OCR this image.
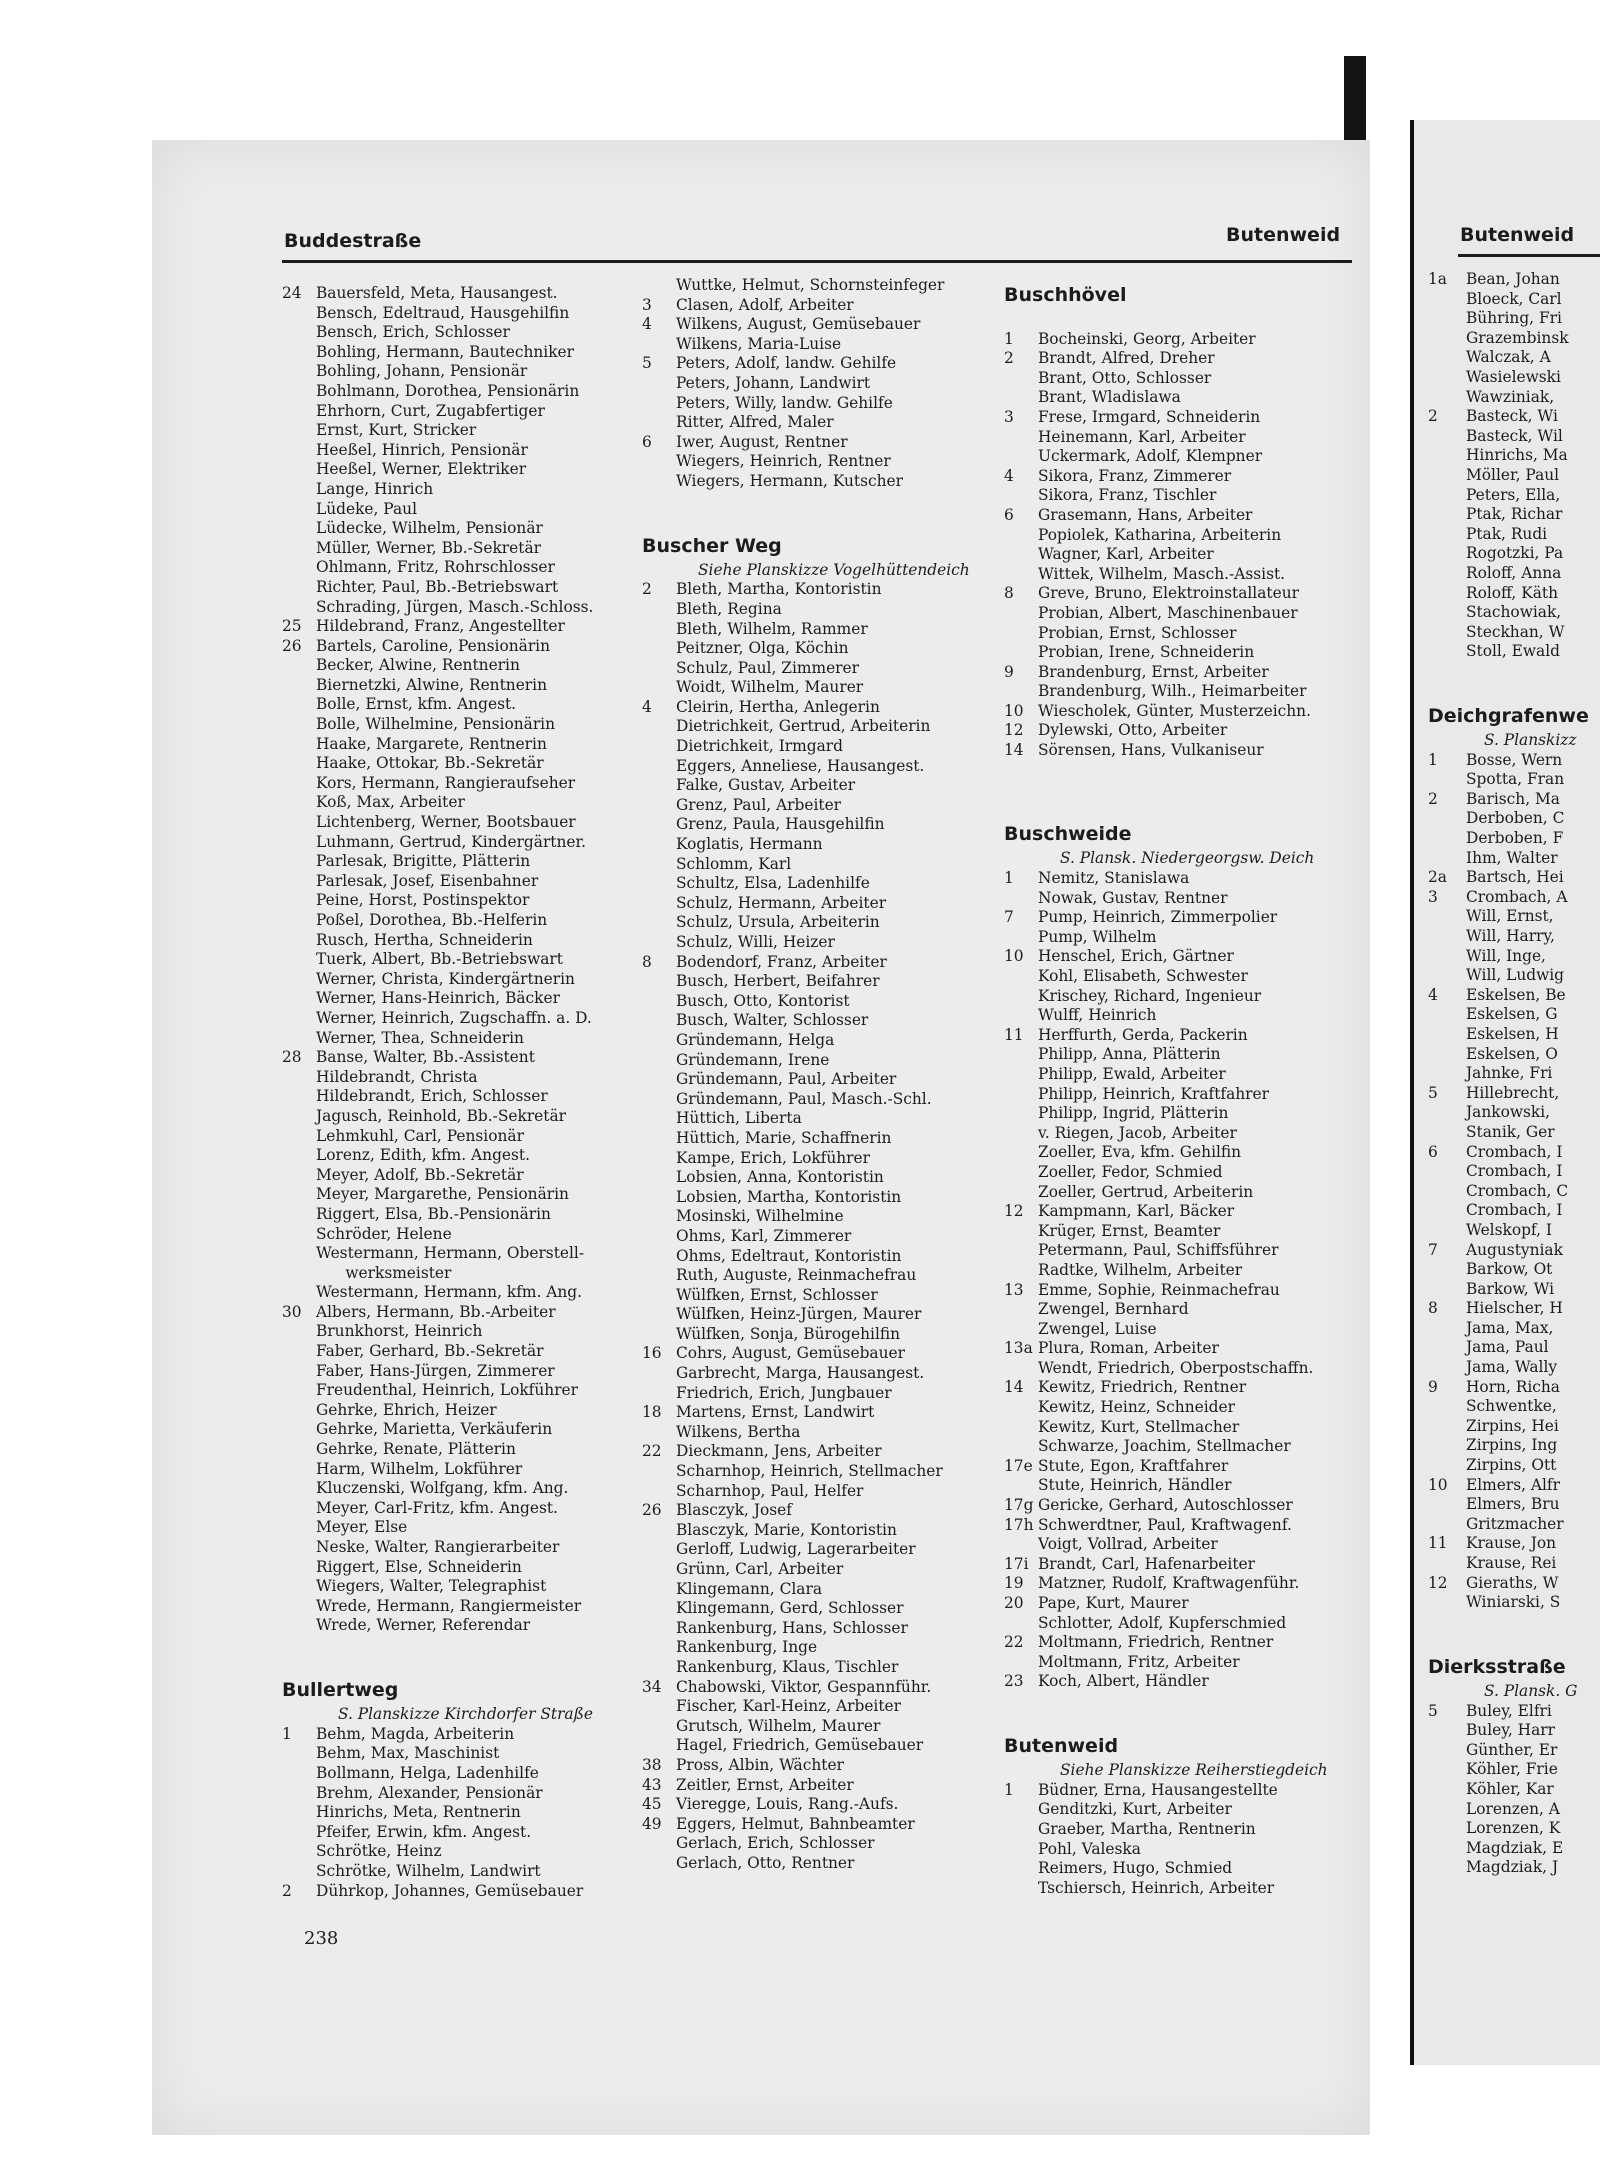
Buddestraße	Butenweid
24 Bauersfeld, Meta, Hausangest.
Bensch, Edeltraud, Hausgehilfin
Bensch, Erich, Schlosser
Bohling, Hermann, Bautechniker
Bohling, Johann, Pensionär
Bohlmann, Dorothea, Pensionärin
Ehrhorn, Curt, Zugabfertiger
Ernst, Kurt, Stricker
Heeßel, Hinrich, Pensionär
Heeßel, Werner, Elektriker
Lange, Hinrich
Lüdeke, Paul
Lüdecke, Wilhelm, Pensionär
Müller, Werner, Bb.-Sekretär
Ohlmann, Fritz, Rohrschlosser
Richter, Paul, Bb.-Betriebswart
Schrading, Jürgen, Masch.-Schloss.
25 Hildebrand, Franz, Angestellter
26 Bartels, Caroline, Pensionärin
Becker, Alwine, Rentnerin
Biernetzki, Alwine, Rentnerin
Bolle, Ernst, kfm. Angest.
Bolle, Wilhelmine, Pensionärin
Haake, Margarete, Rentnerin
Haake, Ottokar, Bb.-Sekretär
Kors, Hermann, Rangieraufseher
Koß, Max, Arbeiter
Lichtenberg, Werner, Bootsbauer
Luhmann, Gertrud, Kindergärtner.
Parlesak, Brigitte, Plätterin
Parlesak, Josef, Eisenbahner
Peine, Horst, Postinspektor
Poßel, Dorothea, Bb.-Helferin
Rusch, Hertha, Schneiderin
Tuerk, Albert, Bb.-Betriebswart
Werner, Christa, Kindergärtnerin
Werner, Hans-Heinrich, Bäcker
Werner, Heinrich, Zugschaffn. a. D.
Werner, Thea, Schneiderin
28 Banse, Walter, Bb.-Assistent
Hildebrandt, Christa
Hildebrandt, Erich, Schlosser
Jagusch, Reinhold, Bb.-Sekretär
Lehmkuhl, Carl, Pensionär
Lorenz, Edith, kfm. Angest.
Meyer, Adolf, Bb.-Sekretär
Meyer, Margarethe, Pensionärin
Riggert, Elsa, Bb.-Pensionärin
Schröder, Helene
Westermann, Hermann, Oberstell-
werksmeister
Westermann, Hermann, kfm. Ang.
30 Albers, Hermann, Bb.-Arbeiter
Brunkhorst, Heinrich
Faber, Gerhard, Bb.-Sekretär
Faber, Hans-Jürgen, Zimmerer
Freudenthal, Heinrich, Lokführer
Gehrke, Ehrich, Heizer
Gehrke, Marietta, Verkäuferin
Gehrke, Renate, Plätterin
Harm, Wilhelm, Lokführer
Kluczenski, Wolfgang, kfm. Ang.
Meyer, Carl-Fritz, kfm. Angest.
Meyer, Else
Neske, Walter, Rangierarbeiter
Riggert, Else, Schneiderin
Wiegers, Walter, Telegraphist
Wrede, Hermann, Rangiermeister
Wrede, Werner, Referendar
Bullertweg
S. Planskizze Kirchdorfer Straße
1 Behm, Magda, Arbeiterin
Behm, Max, Maschinist
Bollmann, Helga, Ladenhilfe
Brehm, Alexander, Pensionär
Hinrichs, Meta, Rentnerin
Pfeifer, Erwin, kfm. Angest.
Schrötke, Heinz
Schrötke, Wilhelm, Landwirt
2 Dührkop, Johannes, Gemüsebauer
Wuttke, Helmut, Schornsteinfeger
3 Clasen, Adolf, Arbeiter
4 Wilkens, August, Gemüsebauer
Wilkens, Maria-Luise
5 Peters, Adolf, landw. Gehilfe
Peters, Johann, Landwirt
Peters, Willy, landw. Gehilfe
Ritter, Alfred, Maler
6 Iwer, August, Rentner
Wiegers, Heinrich, Rentner
Wiegers, Hermann, Kutscher
Buscher Weg
Siehe Planskizze Vogelhüttendeich
2 Bleth, Martha, Kontoristin
Bleth, Regina
Bleth, Wilhelm, Rammer
Peitzner, Olga, Köchin
Schulz, Paul, Zimmerer
Woidt, Wilhelm, Maurer
4 Cleirin, Hertha, Anlegerin
Dietrichkeit, Gertrud, Arbeiterin
Dietrichkeit, Irmgard
Eggers, Anneliese, Hausangest.
Falke, Gustav, Arbeiter
Grenz, Paul, Arbeiter
Grenz, Paula, Hausgehilfin
Koglatis, Hermann
Schlomm, Karl
Schultz, Elsa, Ladenhilfe
Schulz, Hermann, Arbeiter
Schulz, Ursula, Arbeiterin
Schulz, Willi, Heizer
8 Bodendorf, Franz, Arbeiter
Busch, Herbert, Beifahrer
Busch, Otto, Kontorist
Busch, Walter, Schlosser
Gründemann, Helga
Gründemann, Irene
Gründemann, Paul, Arbeiter
Gründemann, Paul, Masch.-Schl.
Hüttich, Liberta
Hüttich, Marie, Schaffnerin
Kampe, Erich, Lokführer
Lobsien, Anna, Kontoristin
Lobsien, Martha, Kontoristin
Mosinski, Wilhelmine
Ohms, Karl, Zimmerer
Ohms, Edeltraut, Kontoristin
Ruth, Auguste, Reinmachefrau
Wülfken, Ernst, Schlosser
Wülfken, Heinz-Jürgen, Maurer
Wülfken, Sonja, Bürogehilfin
16 Cohrs, August, Gemüsebauer
Garbrecht, Marga, Hausangest.
Friedrich, Erich, Jungbauer
18 Martens, Ernst, Landwirt
Wilkens, Bertha
22 Dieckmann, Jens, Arbeiter
Scharnhop, Heinrich, Stellmacher
Scharnhop, Paul, Helfer
26 Blasczyk, Josef
Blasczyk, Marie, Kontoristin
Gerloff, Ludwig, Lagerarbeiter
Grünn, Carl, Arbeiter
Klingemann, Clara
Klingemann, Gerd, Schlosser
Rankenburg, Hans, Schlosser
Rankenburg, Inge
Rankenburg, Klaus, Tischler
34 Chabowski, Viktor, Gespannführ.
Fischer, Karl-Heinz, Arbeiter
Grutsch, Wilhelm, Maurer
Hagel, Friedrich, Gemüsebauer
38 Pross, Albin, Wächter
43 Zeitler, Ernst, Arbeiter
45 Vieregge, Louis, Rang.-Aufs.
49 Eggers, Helmut, Bahnbeamter
Gerlach, Erich, Schlosser
Gerlach, Otto, Rentner
Buschhövel
1 Bocheinski, Georg, Arbeiter
2 Brandt, Alfred, Dreher
Brant, Otto, Schlosser
Brant, Wladislawa
3 Frese, Irmgard, Schneiderin
Heinemann, Karl, Arbeiter
Uckermark, Adolf, Klempner
4 Sikora, Franz, Zimmerer
Sikora, Franz, Tischler
6 Grasemann, Hans, Arbeiter
Popiolek, Katharina, Arbeiterin
Wagner, Karl, Arbeiter
Wittek, Wilhelm, Masch.-Assist.
8 Greve, Bruno, Elektroinstallateur
Probian, Albert, Maschinenbauer
Probian, Ernst, Schlosser
Probian, Irene, Schneiderin
9 Brandenburg, Ernst, Arbeiter
Brandenburg, Wilh., Heimarbeiter
10 Wiescholek, Günter, Musterzeichn.
12 Dylewski, Otto, Arbeiter
14 Sörensen, Hans, Vulkaniseur
Buschweide
S. Plansk. Niedergeorgsw. Deich
1 Nemitz, Stanislawa
Nowak, Gustav, Rentner
7 Pump, Heinrich, Zimmerpolier
Pump, Wilhelm
10 Henschel, Erich, Gärtner
Kohl, Elisabeth, Schwester
Krischey, Richard, Ingenieur
Wulff, Heinrich
11 Herffurth, Gerda, Packerin
Philipp, Anna, Plätterin
Philipp, Ewald, Arbeiter
Philipp, Heinrich, Kraftfahrer
Philipp, Ingrid, Plätterin
v. Riegen, Jacob, Arbeiter
Zoeller, Eva, kfm. Gehilfin
Zoeller, Fedor, Schmied
Zoeller, Gertrud, Arbeiterin
12 Kampmann, Karl, Bäcker
Krüger, Ernst, Beamter
Petermann, Paul, Schiffsführer
Radtke, Wilhelm, Arbeiter
13 Emme, Sophie, Reinmachefrau
Zwengel, Bernhard
Zwengel, Luise
13a Plura, Roman, Arbeiter
Wendt, Friedrich, Oberpostschaffn.
14 Kewitz, Friedrich, Rentner
Kewitz, Heinz, Schneider
Kewitz, Kurt, Stellmacher
Schwarze, Joachim, Stellmacher
17e Stute, Egon, Kraftfahrer
Stute, Heinrich, Händler
17g Gericke, Gerhard, Autoschlosser
17h Schwerdtner, Paul, Kraftwagenf.
Voigt, Vollrad, Arbeiter
17i Brandt, Carl, Hafenarbeiter
19 Matzner, Rudolf, Kraftwagenführ.
20 Pape, Kurt, Maurer
Schlotter, Adolf, Kupferschmied
22 Moltmann, Friedrich, Rentner
Moltmann, Fritz, Arbeiter
23 Koch, Albert, Händler
Butenweid
Siehe Planskizze Reiherstiegdeich
1 Büdner, Erna, Hausangestellte
Genditzki, Kurt, Arbeiter
Graeber, Martha, Rentnerin
Pohl, Valeska
Reimers, Hugo, Schmied
Tschiersch, Heinrich, Arbeiter
238
Butenweid
1a Bean, Johan
Bloeck, Carl
Bühring, Fri
Grazembinsk
Walczak, A
Wasielewski
Wawziniak,
2 Basteck, Wi
Basteck, Wil
Hinrichs, Ma
Möller, Paul
Peters, Ella,
Ptak, Richar
Ptak, Rudi
Rogotzki, Pa
Roloff, Anna
Roloff, Käth
Stachowiak,
Steckhan, W
Stoll, Ewald
Deichgrafenwe
S. Planskizz
1 Bosse, Wern
Spotta, Fran
2 Barisch, Ma
Derboben, C
Derboben, F
Ihm, Walter
2a Bartsch, Hei
3 Crombach, A
Will, Ernst,
Will, Harry,
Will, Inge,
Will, Ludwig
4 Eskelsen, Be
Eskelsen, G
Eskelsen, H
Eskelsen, O
Jahnke, Fri
5 Hillebrecht,
Jankowski,
Stanik, Ger
6 Crombach, I
Crombach, I
Crombach, C
Crombach, I
Welskopf, I
7 Augustyniak
Barkow, Ot
Barkow, Wi
8 Hielscher, H
Jama, Max,
Jama, Paul
Jama, Wally
9 Horn, Richa
Schwentke,
Zirpins, Hei
Zirpins, Ing
Zirpins, Ott
10 Elmers, Alfr
Elmers, Bru
Gritzmacher
11 Krause, Jon
Krause, Rei
12 Gieraths, W
Winiarski, S
Dierksstraße
S. Plansk. G
5 Buley, Elfri
Buley, Harr
Günther, Er
Köhler, Frie
Köhler, Kar
Lorenzen, A
Lorenzen, K
Magdziak, E
Magdziak, J
